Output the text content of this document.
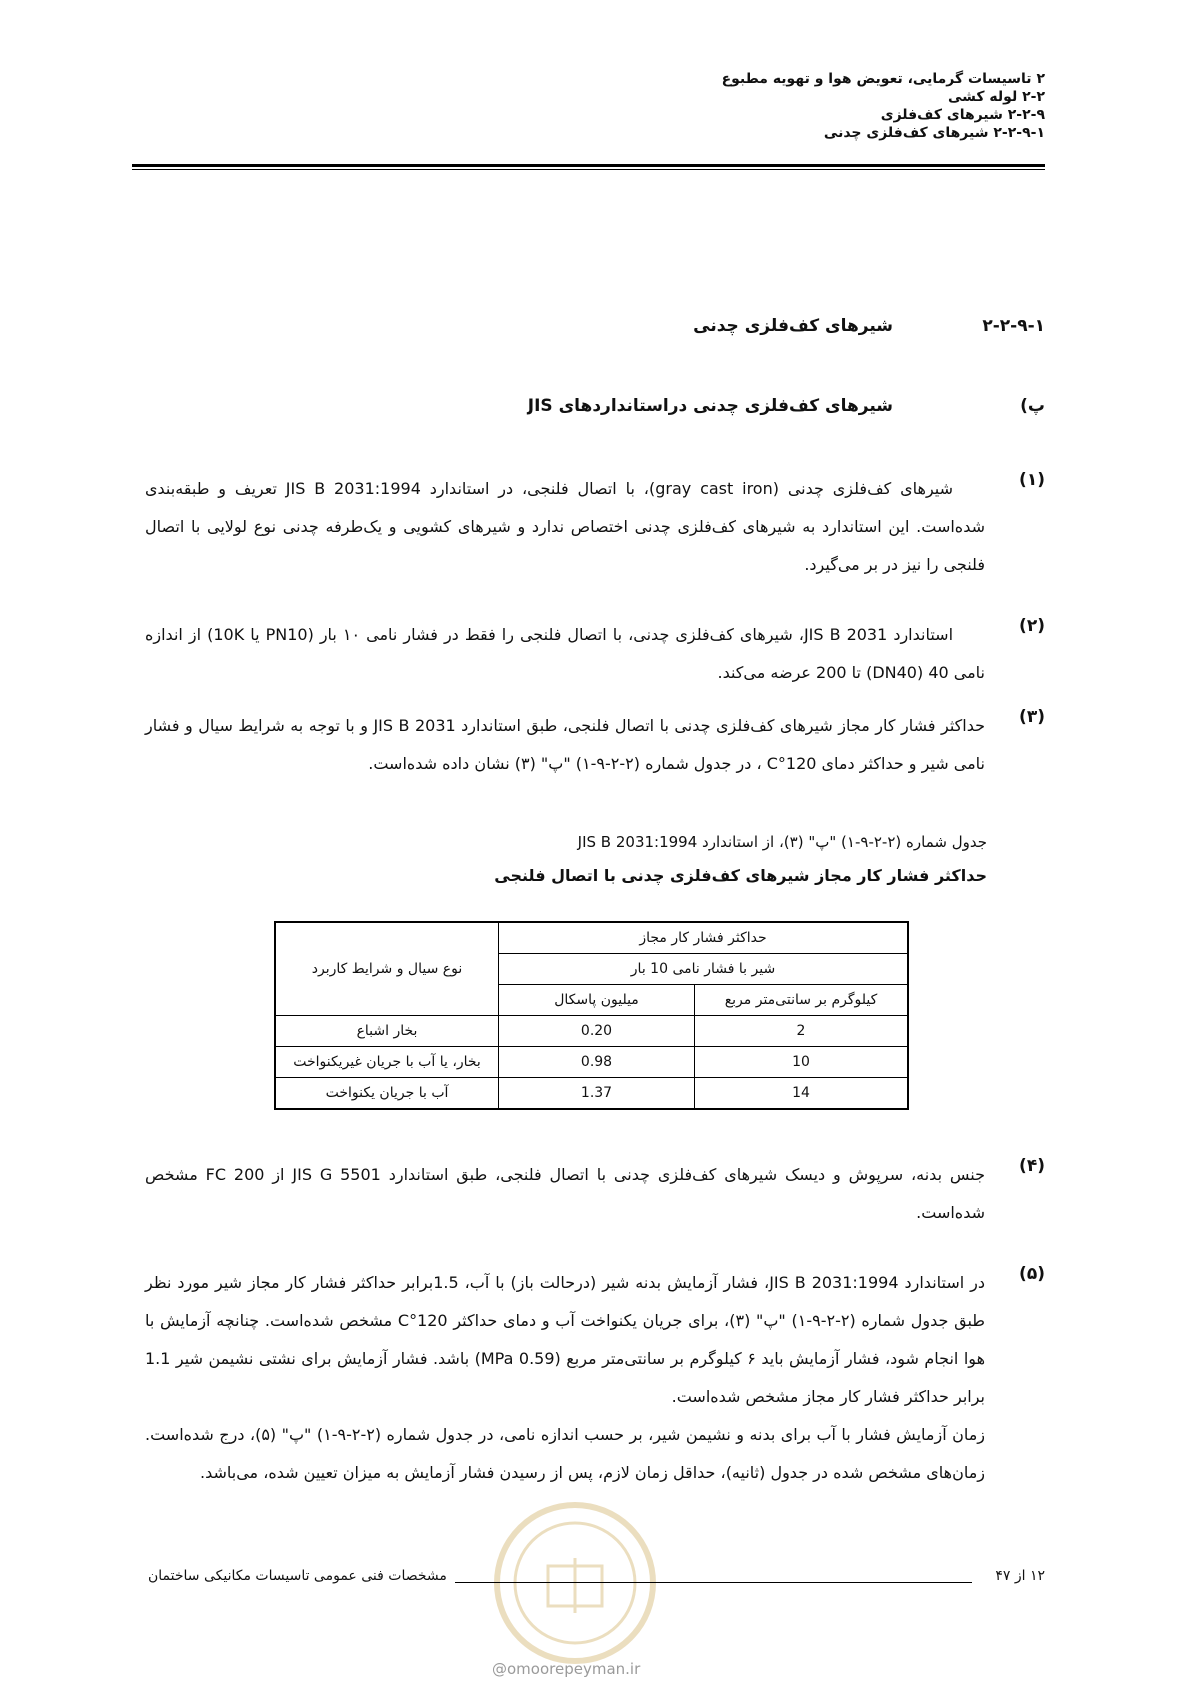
۲ تاسیسات گرمایی، تعویض هوا و تهویه مطبوع
۲-۲ لوله کشی
۲-۲-۹ شیرهای کف‌فلزی
۲-۲-۹-۱ شیرهای کف‌فلزی چدنی
۲-۲-۹-۱
شیرهای کف‌فلزی چدنی
پ)
شیرهای کف‌فلزی چدنی دراستانداردهای JIS
(۱)
شیرهای کف‌فلزی چدنی (gray cast iron)، با اتصال فلنجی، در استاندارد JIS B 2031:1994 تعریف و طبقه‌بندی شده‌است. این استاندارد به شیرهای کف‌فلزی چدنی اختصاص ندارد و شیرهای کشویی و یک‌طرفه چدنی نوع لولایی با اتصال فلنجی را نیز در بر می‌گیرد.
(۲)
استاندارد JIS B 2031، شیرهای کف‌فلزی چدنی، با اتصال فلنجی را فقط در فشار نامی ۱۰ بار (PN10 یا 10K) از اندازه نامی 40 (DN40) تا 200 عرضه می‌کند.
(۳)
حداکثر فشار کار مجاز شیرهای کف‌فلزی چدنی با اتصال فلنجی، طبق استاندارد JIS B 2031 و با توجه به شرایط سیال و فشار نامی شیر و حداکثر دمای 120°C ، در جدول شماره (۲-۲-۹-۱) "پ" (۳) نشان داده شده‌است.
جدول شماره (۲-۲-۹-۱) "پ" (۳)، از استاندارد JIS B 2031:1994
حداکثر فشار کار مجاز شیرهای کف‌فلزی چدنی با اتصال فلنجی
حداکثر فشار کار مجاز		نوع سیال و شرایط کاربرد
شیر با فشار نامی 10 بار		
کیلوگرم بر سانتی‌متر مربع	میلیون پاسکال	
2	0.20	بخار اشباع
10	0.98	بخار، یا آب با جریان غیریکنواخت
14	1.37	آب با جریان یکنواخت
(۴)
جنس بدنه، سرپوش و دیسک شیرهای کف‌فلزی چدنی با اتصال فلنجی، طبق استاندارد JIS G 5501 از FC 200 مشخص شده‌است.
(۵)
در استاندارد JIS B 2031:1994، فشار آزمایش بدنه شیر (درحالت باز) با آب، 1.5برابر حداکثر فشار کار مجاز شیر مورد نظر طبق جدول شماره (۲-۲-۹-۱) "پ" (۳)، برای جریان یکنواخت آب و دمای حداکثر 120°C مشخص شده‌است. چنانچه آزمایش با هوا انجام شود، فشار آزمایش باید ۶ کیلوگرم بر سانتی‌متر مربع (0.59 MPa) باشد. فشار آزمایش برای نشتی نشیمن شیر 1.1 برابر حداکثر فشار کار مجاز مشخص شده‌است.
زمان آزمایش فشار با آب برای بدنه و نشیمن شیر، بر حسب اندازه نامی، در جدول شماره (۲-۲-۹-۱) "پ" (۵)، درج شده‌است. زمان‌های مشخص شده در جدول (ثانیه)، حداقل زمان لازم، پس از رسیدن فشار آزمایش به میزان تعیین شده، می‌باشد.
۱۲ از ۴۷
مشخصات فنی عمومی تاسیسات مکانیکی ساختمان
@omoorepeyman.ir
